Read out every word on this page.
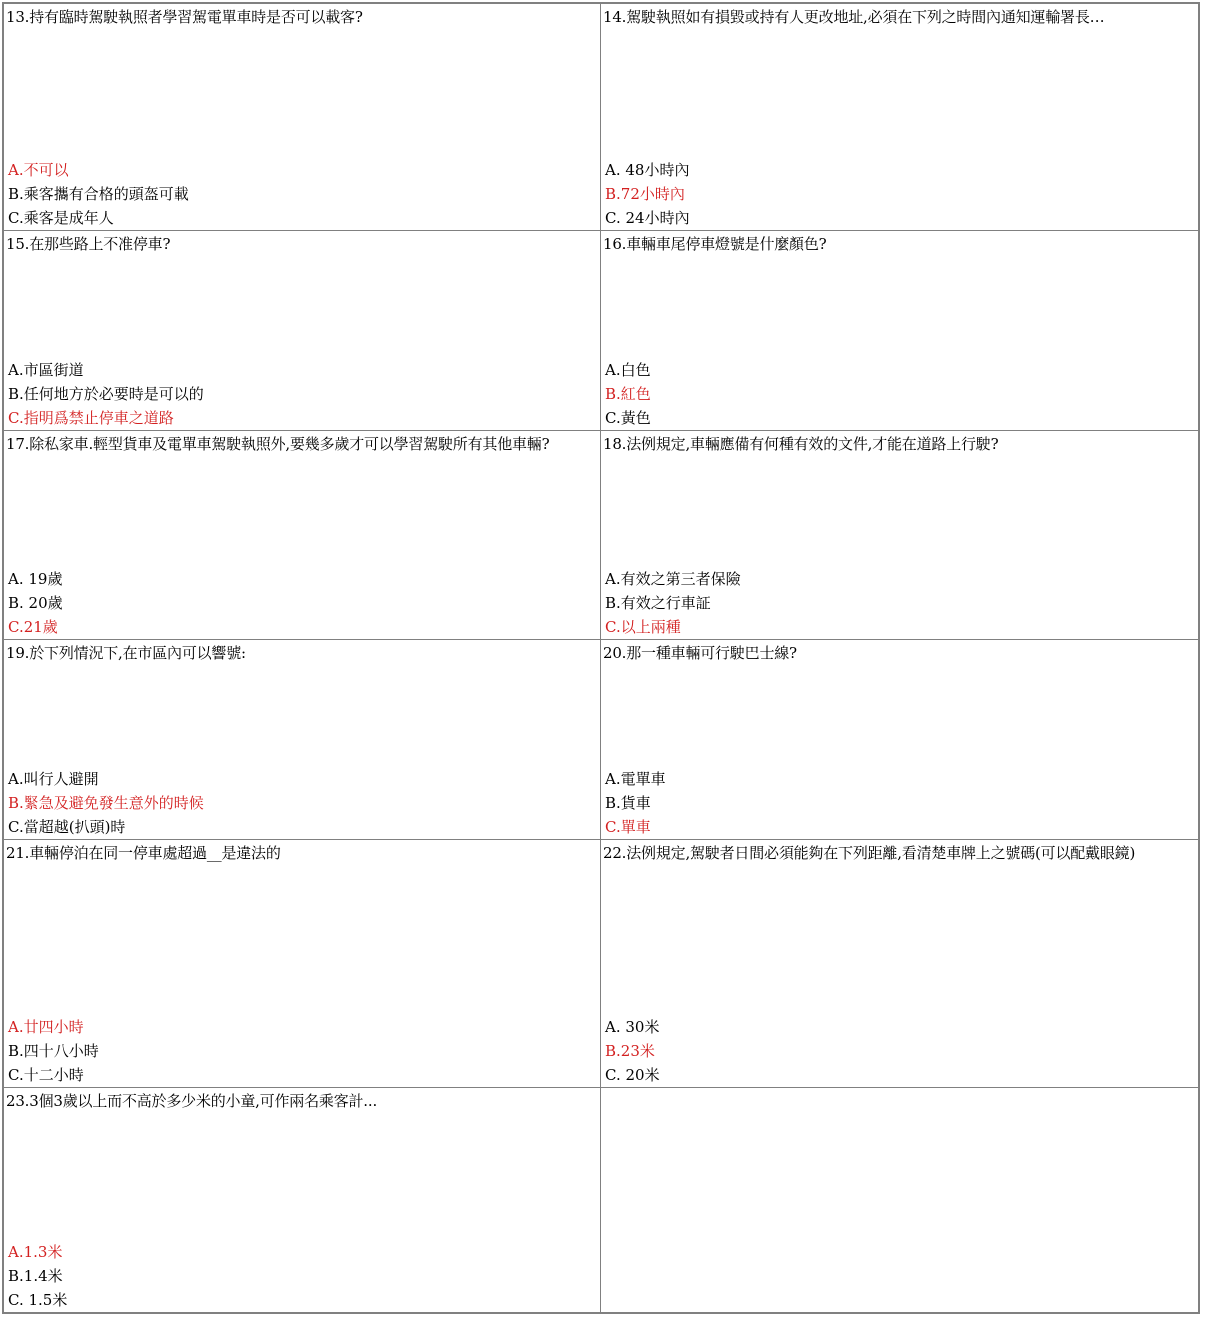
13.持有臨時駕駛執照者學習駕電單車時是否可以載客?
A.不可以
B.乘客攜有合格的頭盔可載
C.乘客是成年人
14.駕駛執照如有損毀或持有人更改地址,必須在下列之時間內通知運輸署長…
A. 48小時內
B.72小時內
C. 24小時內
15.在那些路上不准停車?
A.市區街道
B.任何地方於必要時是可以的
C.指明爲禁止停車之道路
16.車輛車尾停車燈號是什麼顏色?
A.白色
B.紅色
C.黃色
17.除私家車.輕型貨車及電單車駕駛執照外,要幾多歲才可以學習駕駛所有其他車輛?
A. 19歲
B. 20歲
C.21歲
18.法例規定,車輛應備有何種有效的文件,才能在道路上行駛?
A.有效之第三者保險
B.有效之行車証
C.以上兩種
19.於下列情況下,在市區內可以響號:
A.叫行人避開
B.緊急及避免發生意外的時候
C.當超越(扒頭)時
20.那一種車輛可行駛巴士線?
A.電單車
B.貨車
C.單車
21.車輛停泊在同一停車處超過__是違法的
A.廿四小時
B.四十八小時
C.十二小時
22.法例規定,駕駛者日間必須能夠在下列距離,看清楚車牌上之號碼(可以配戴眼鏡)
A. 30米
B.23米
C. 20米
23.3個3歲以上而不高於多少米的小童,可作兩名乘客計...
A.1.3米
B.1.4米
C. 1.5米
